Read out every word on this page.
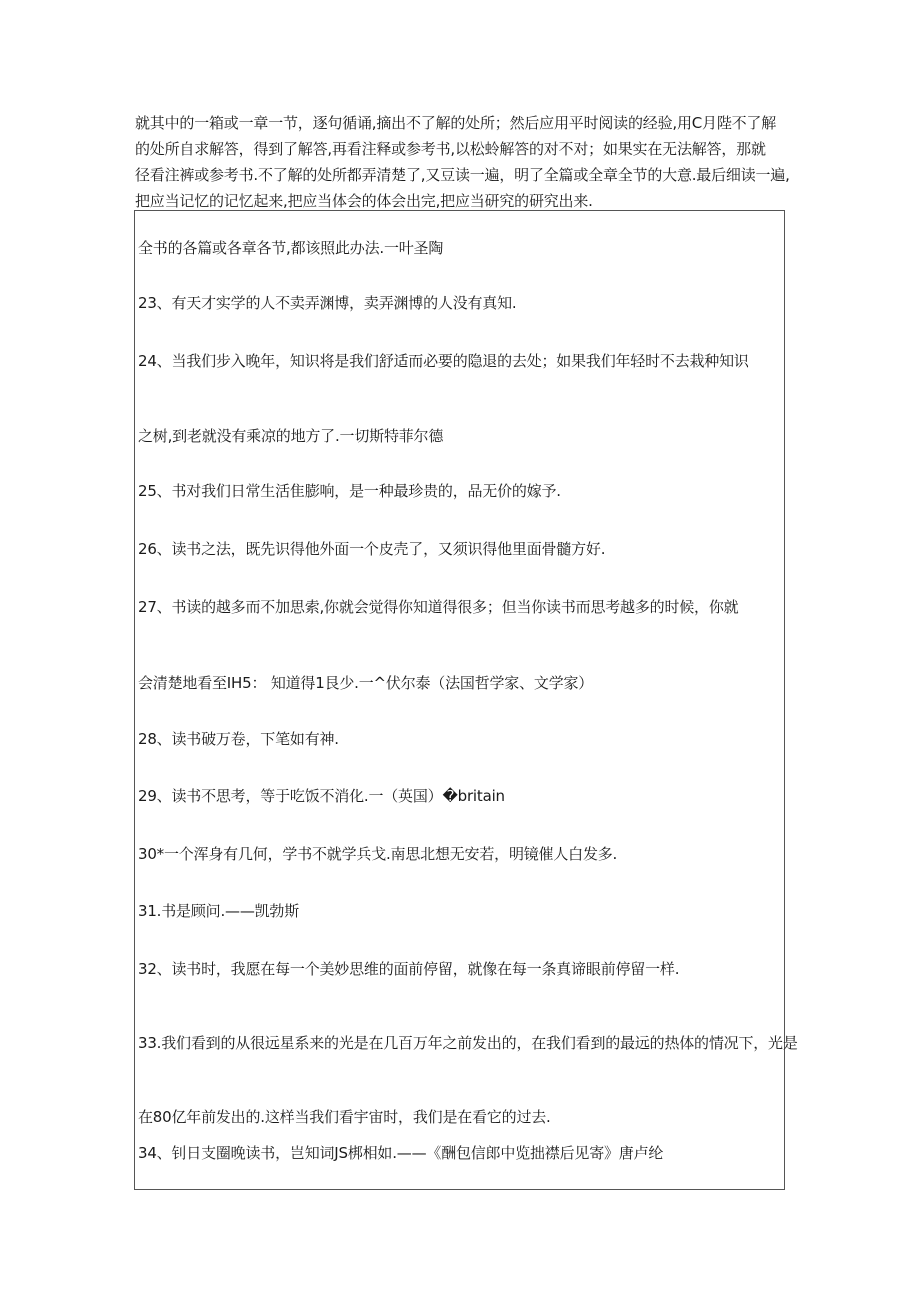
就其中的一箱或一章一节，逐句循诵,摘出不了解的处所；然后应用平时阅读的经验,用C月陛不了解
的处所自求解答，得到了解答,再看注释或参考书,以松蛉解答的对不对；如果实在无法解答，那就
径看注裤或参考书.不了解的处所都弄清楚了,又豆读一遍，明了全篇或全章全节的大意.最后细读一遍,
把应当记忆的记忆起来,把应当体会的体会出完,把应当研究的研究出来.
全书的各篇或各章各节,都该照此办法.一叶圣陶
23、有天才实学的人不卖弄渊博，卖弄渊博的人没有真知.
24、当我们步入晚年，知识将是我们舒适而必要的隐退的去处；如果我们年轻时不去栽种知识
之树,到老就没有乘凉的地方了.一切斯特菲尔德
25、书对我们日常生活隹膨响，是一种最珍贵的，品无价的嫁予.
26、读书之法，既先识得他外面一个皮壳了，又须识得他里面骨髓方好.
27、书读的越多而不加思索,你就会觉得你知道得很多；但当你读书而思考越多的时候，你就
会清楚地看至IH5： 知道得1艮少.一^伏尔泰（法国哲学家、文学家）
28、读书破万卷，下笔如有神.
29、读书不思考，等于吃饭不消化.一（英国）�britain
30*一个浑身有几何，学书不就学兵戈.南思北想无安若，明镜催人白发多.
31.书是顾问.——凯勃斯
32、读书时，我愿在每一个美妙思维的面前停留，就像在每一条真谛眼前停留一样.
33.我们看到的从很远星系来的光是在几百万年之前发出的，在我们看到的最远的热体的情况下，光是
在80亿年前发出的.这样当我们看宇宙时，我们是在看它的过去.
34、钊日支圈晚读书，岂知词JS梆相如.——《酬包信郎中览拙襟后见寄》唐卢纶
